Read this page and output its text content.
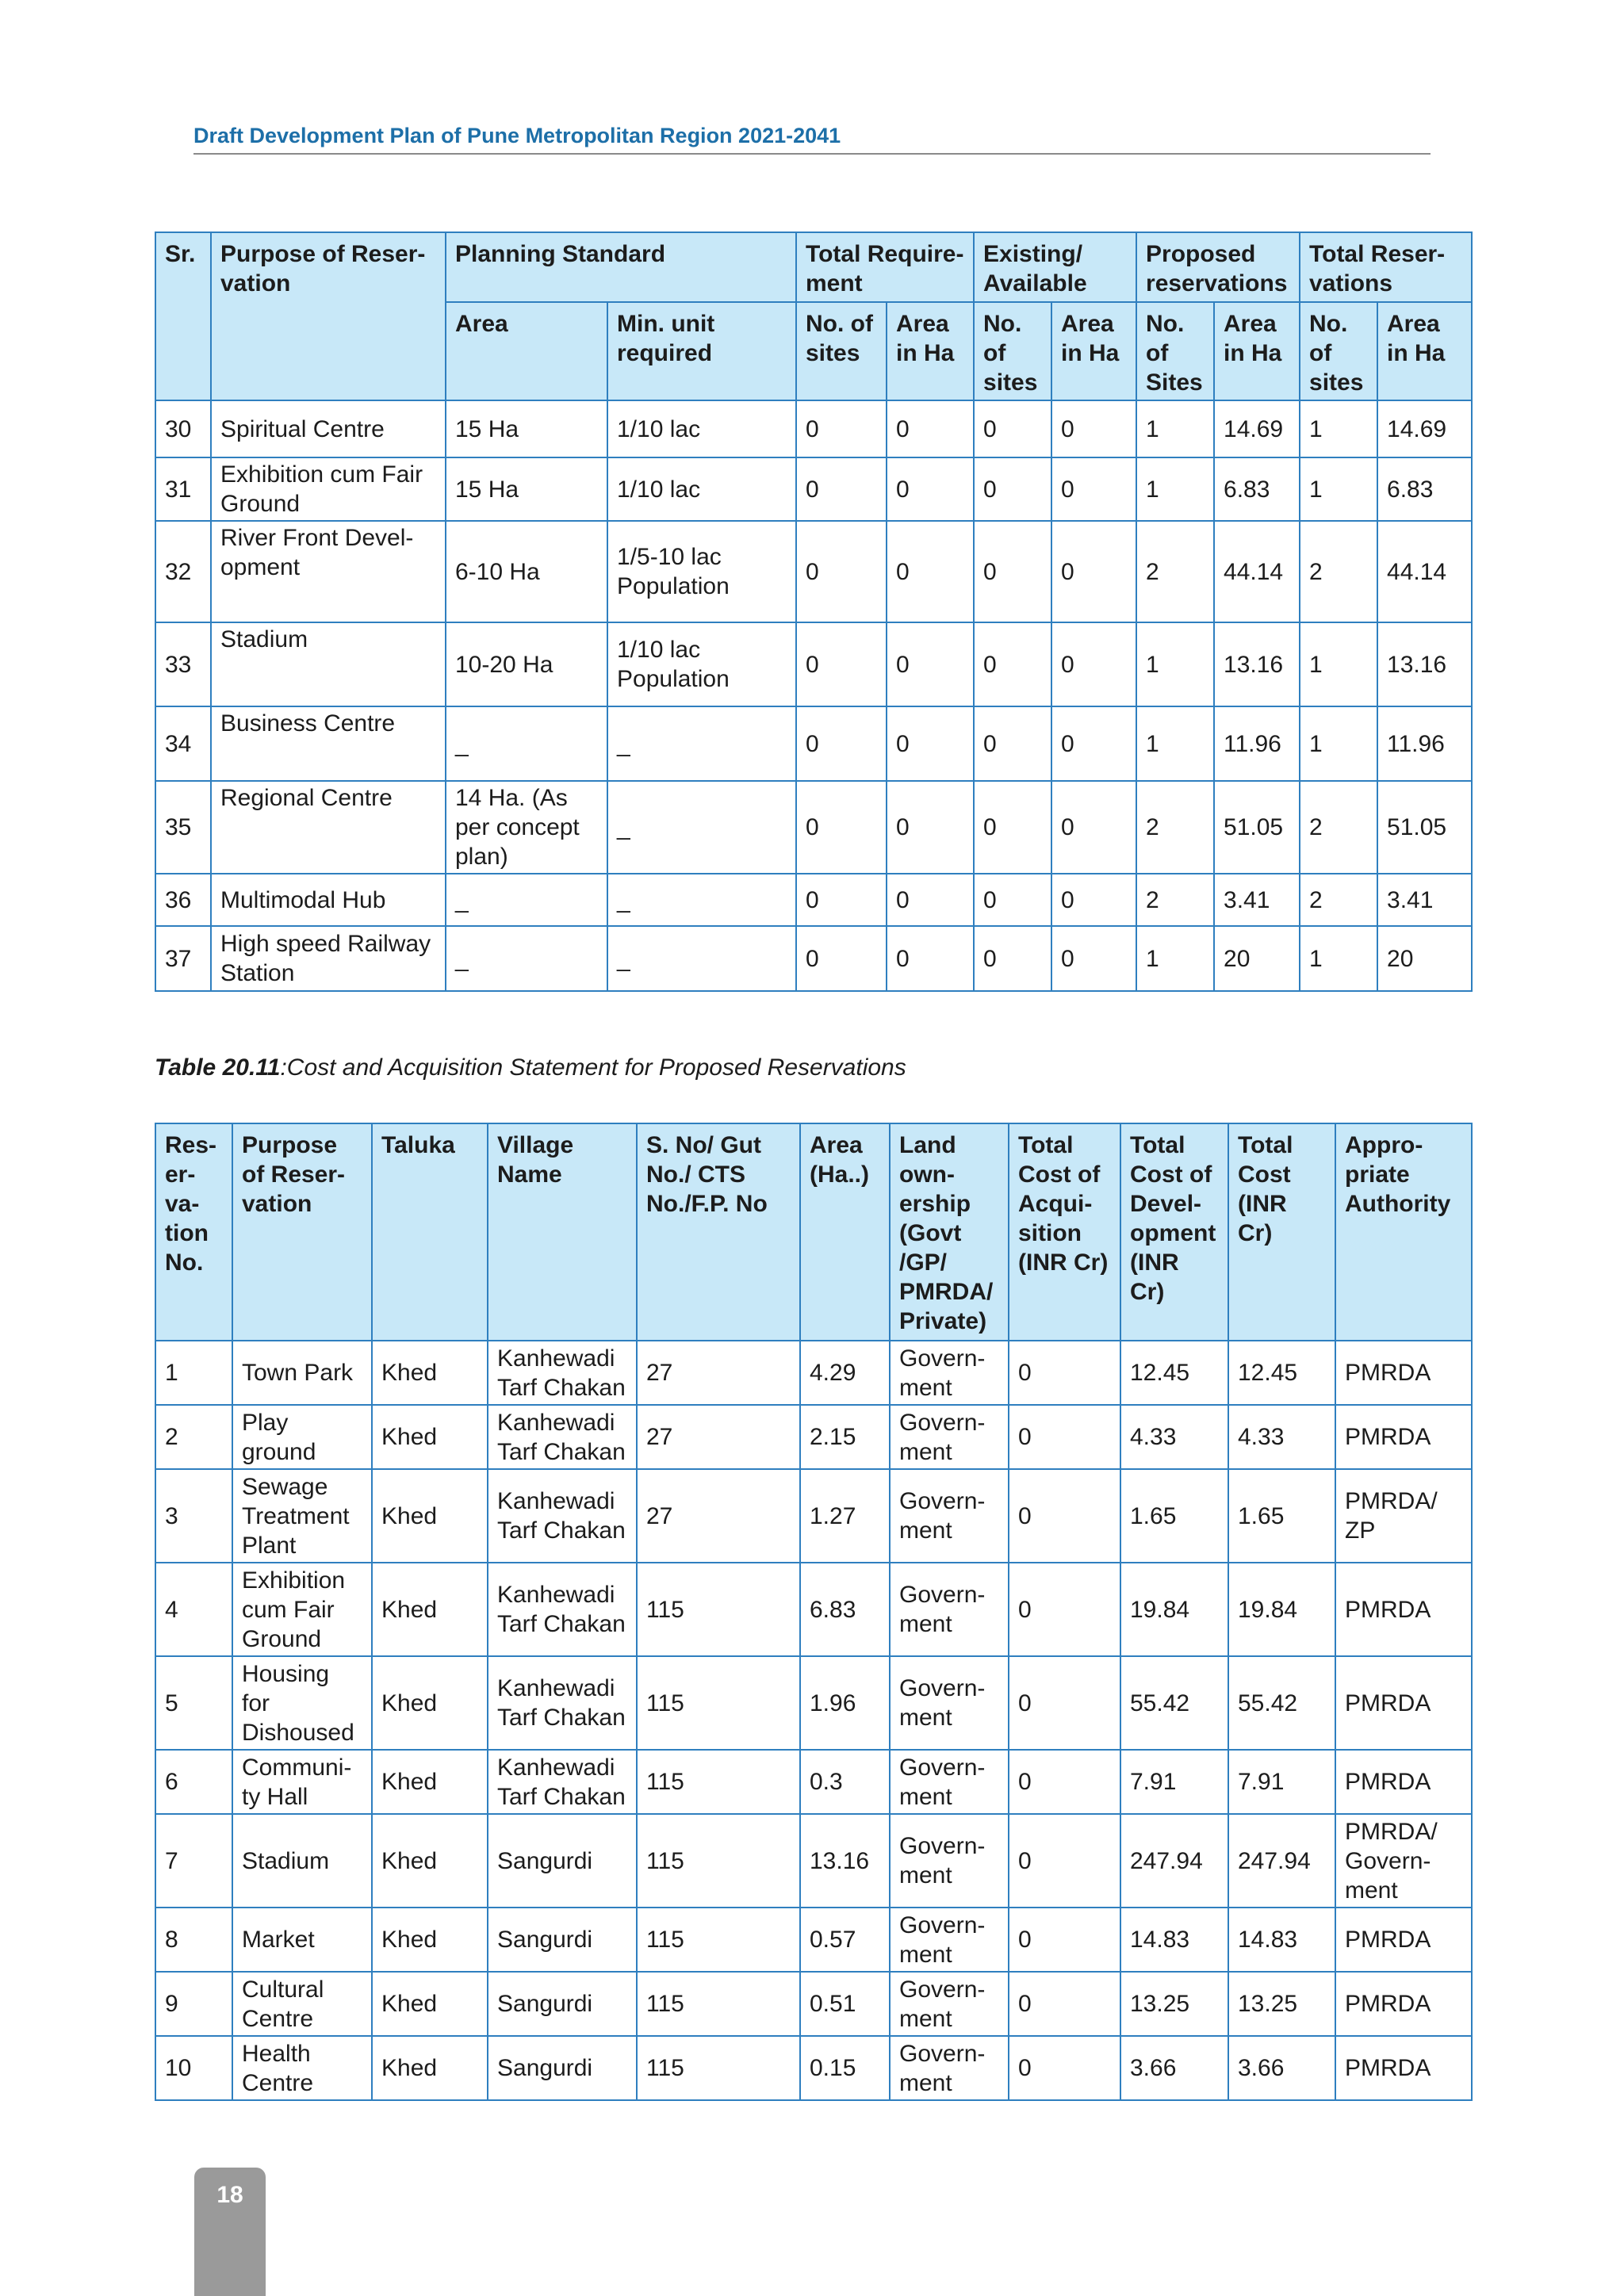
Draft Development Plan of Pune Metropolitan Region 2021-2041
Sr.	Purpose of Reser-vation	Planning Standard		Total Require-ment		Existing/ Available		Proposed reservations		Total Reser-vations	
		Area	Min. unit required	No. of sites	Area in Ha	No. of sites	Area in Ha	No. of Sites	Area in Ha	No. of sites	Area in Ha
30	Spiritual Centre	15 Ha	1/10 lac	0	0	0	0	1	14.69	1	14.69
31	Exhibition cum Fair Ground	15 Ha	1/10 lac	0	0	0	0	1	6.83	1	6.83
32	River Front Devel-opment	6-10 Ha	1/5-10 lac Population	0	0	0	0	2	44.14	2	44.14
33	Stadium	10-20 Ha	1/10 lac Population	0	0	0	0	1	13.16	1	13.16
34	Business Centre	_	_	0	0	0	0	1	11.96	1	11.96
35	Regional Centre	14 Ha. (As per concept plan)	_	0	0	0	0	2	51.05	2	51.05
36	Multimodal Hub	_	_	0	0	0	0	2	3.41	2	3.41
37	High speed Railway Station	_	_	0	0	0	0	1	20	1	20
Table 20.11:Cost and Acquisition Statement for Proposed Reservations
Res-er-va-tion No.	Purpose of Reser-vation	Taluka	Village Name	S. No/ Gut No./ CTS No./F.P. No	Area (Ha..)	Land own-ership (Govt /GP/ PMRDA/ Private)	Total Cost of Acqui-sition (INR Cr)	Total Cost of Devel-opment (INR Cr)	Total Cost (INR Cr)	Appro-priate Authority
1	Town Park	Khed	Kanhewadi Tarf Chakan	27	4.29	Govern-ment	0	12.45	12.45	PMRDA
2	Play ground	Khed	Kanhewadi Tarf Chakan	27	2.15	Govern-ment	0	4.33	4.33	PMRDA
3	Sewage Treatment Plant	Khed	Kanhewadi Tarf Chakan	27	1.27	Govern-ment	0	1.65	1.65	PMRDA/ ZP
4	Exhibition cum Fair Ground	Khed	Kanhewadi Tarf Chakan	115	6.83	Govern-ment	0	19.84	19.84	PMRDA
5	Housing for Dishoused	Khed	Kanhewadi Tarf Chakan	115	1.96	Govern-ment	0	55.42	55.42	PMRDA
6	Communi-ty Hall	Khed	Kanhewadi Tarf Chakan	115	0.3	Govern-ment	0	7.91	7.91	PMRDA
7	Stadium	Khed	Sangurdi	115	13.16	Govern-ment	0	247.94	247.94	PMRDA/ Govern-ment
8	Market	Khed	Sangurdi	115	0.57	Govern-ment	0	14.83	14.83	PMRDA
9	Cultural Centre	Khed	Sangurdi	115	0.51	Govern-ment	0	13.25	13.25	PMRDA
10	Health Centre	Khed	Sangurdi	115	0.15	Govern-ment	0	3.66	3.66	PMRDA
18
